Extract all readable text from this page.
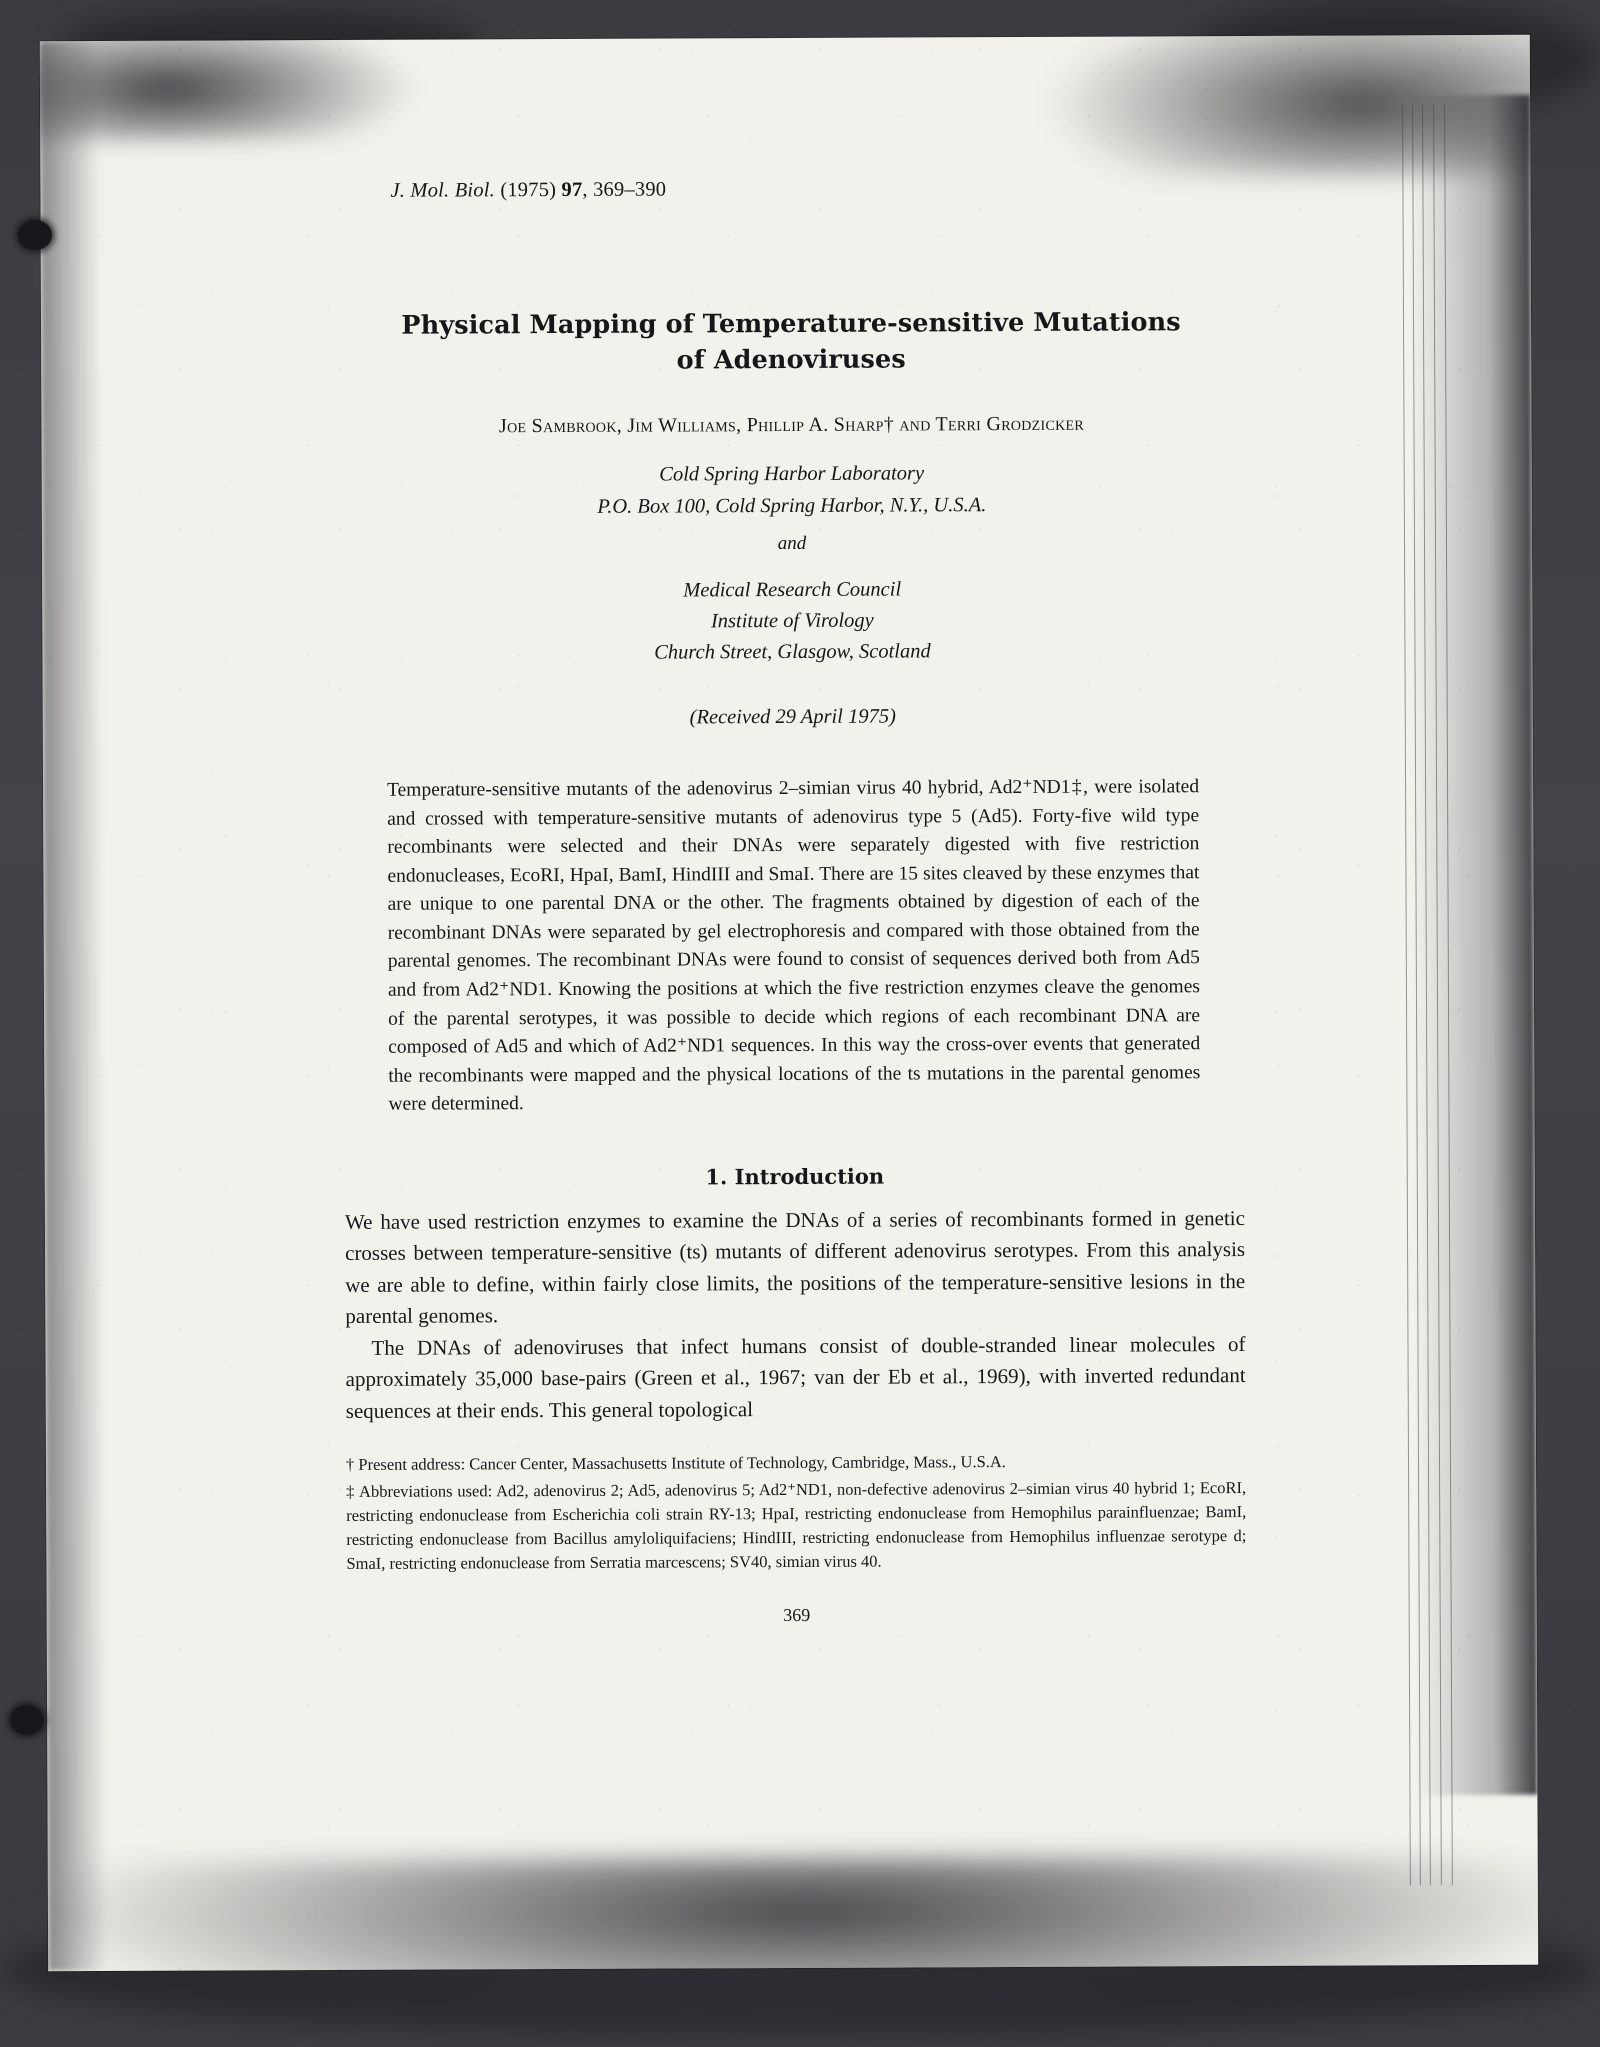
J. Mol. Biol. (1975) 97, 369–390
Physical Mapping of Temperature-sensitive Mutations of Adenoviruses
Joe Sambrook, Jim Williams, Phillip A. Sharp† and Terri Grodzicker
Cold Spring Harbor Laboratory
P.O. Box 100, Cold Spring Harbor, N.Y., U.S.A.
and
Medical Research Council
Institute of Virology
Church Street, Glasgow, Scotland
(Received 29 April 1975)
Temperature-sensitive mutants of the adenovirus 2–simian virus 40 hybrid, Ad2⁺ND1‡, were isolated and crossed with temperature-sensitive mutants of adenovirus type 5 (Ad5). Forty-five wild type recombinants were selected and their DNAs were separately digested with five restriction endonucleases, EcoRI, HpaI, BamI, HindIII and SmaI. There are 15 sites cleaved by these enzymes that are unique to one parental DNA or the other. The fragments obtained by digestion of each of the recombinant DNAs were separated by gel electrophoresis and compared with those obtained from the parental genomes. The recombinant DNAs were found to consist of sequences derived both from Ad5 and from Ad2⁺ND1. Knowing the positions at which the five restriction enzymes cleave the genomes of the parental serotypes, it was possible to decide which regions of each recombinant DNA are composed of Ad5 and which of Ad2⁺ND1 sequences. In this way the cross-over events that generated the recombinants were mapped and the physical locations of the ts mutations in the parental genomes were determined.
1. Introduction

We have used restriction enzymes to examine the DNAs of a series of recombinants formed in genetic crosses between temperature-sensitive (ts) mutants of different adenovirus serotypes. From this analysis we are able to define, within fairly close limits, the positions of the temperature-sensitive lesions in the parental genomes.

The DNAs of adenoviruses that infect humans consist of double-stranded linear molecules of approximately 35,000 base-pairs (Green et al., 1967; van der Eb et al., 1969), with inverted redundant sequences at their ends. This general topological

† Present address: Cancer Center, Massachusetts Institute of Technology, Cambridge, Mass., U.S.A.

‡ Abbreviations used: Ad2, adenovirus 2; Ad5, adenovirus 5; Ad2⁺ND1, non-defective adenovirus 2–simian virus 40 hybrid 1; EcoRI, restricting endonuclease from Escherichia coli strain RY-13; HpaI, restricting endonuclease from Hemophilus parainfluenzae; BamI, restricting endonuclease from Bacillus amyloliquifaciens; HindIII, restricting endonuclease from Hemophilus influenzae serotype d; SmaI, restricting endonuclease from Serratia marcescens; SV40, simian virus 40.

369
